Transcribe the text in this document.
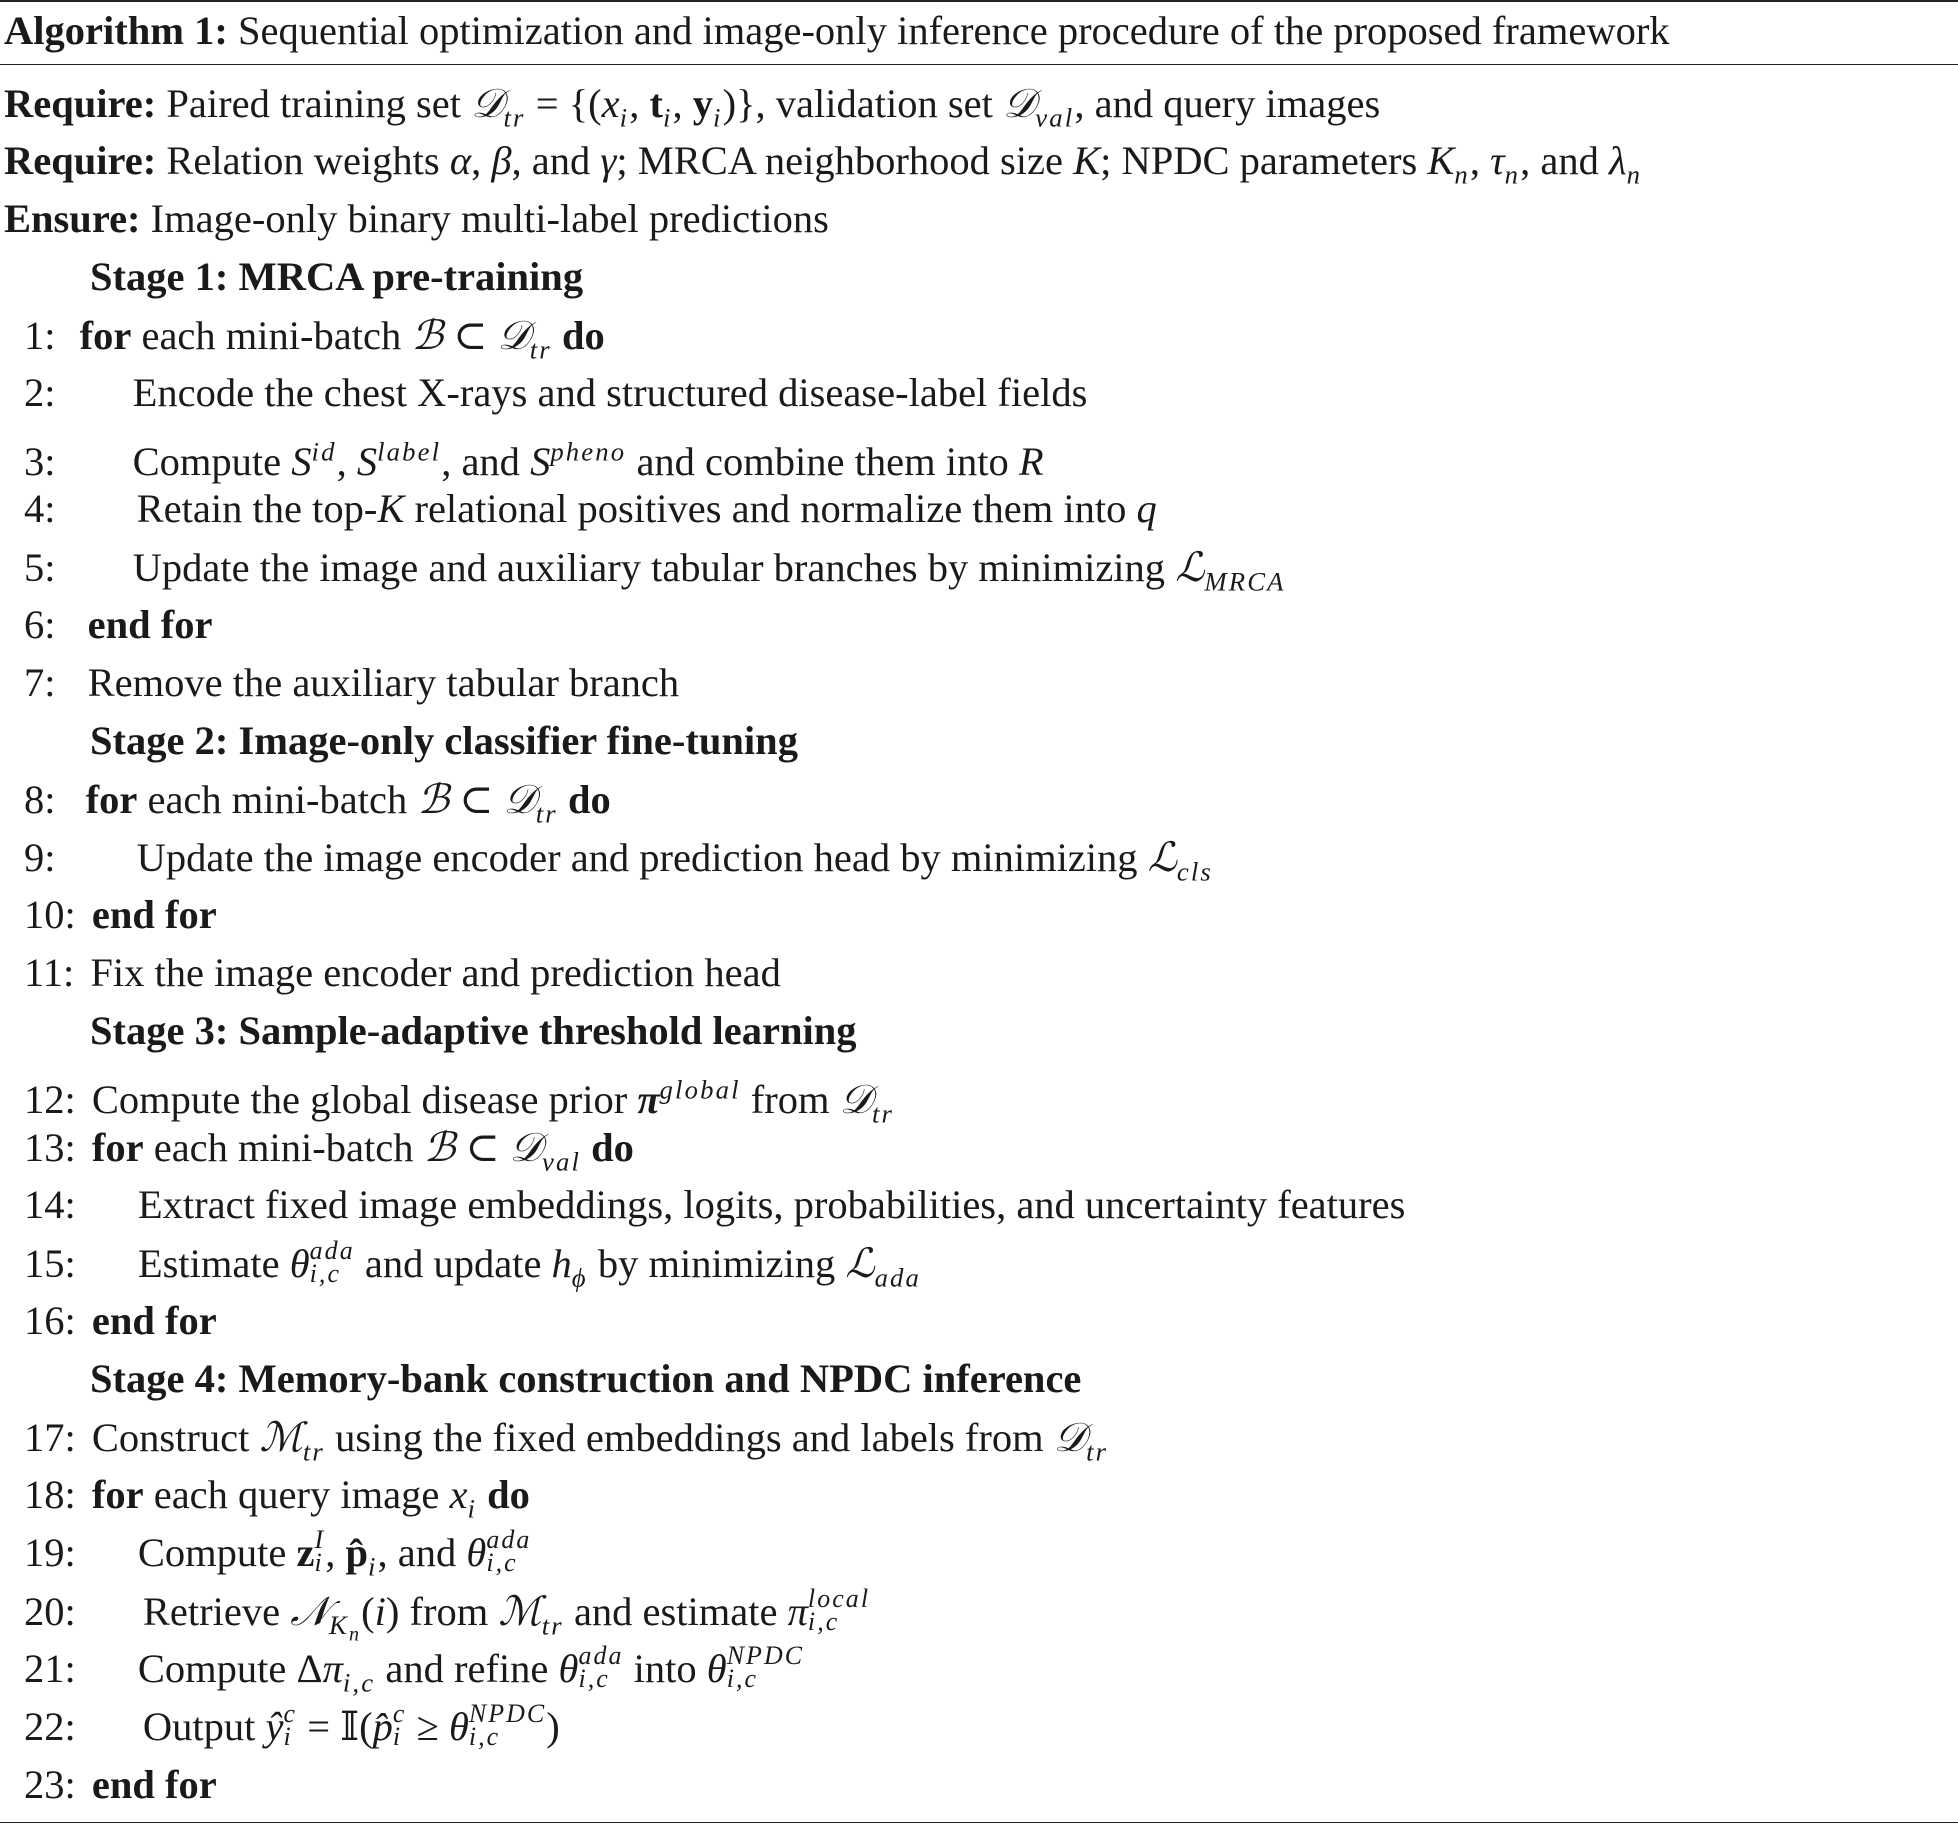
Algorithm 1: Sequential optimization and image-only inference procedure of the proposed framework
Require: Paired training set 𝒟$_{tr}$ = {($x_i$, $t_i$, $y_i$)}, validation set 𝒟$_{val}$, and query images
Require: Relation weights α, β, and γ; MRCA neighborhood size K; NPDC parameters $K_n$, $\tau_n$, and $\lambda_n$
Ensure: Image-only binary multi-label predictions
Stage 1: MRCA pre-training
1: for each mini-batch ℬ ⊂ 𝒟$_{tr}$ do
2: Encode the chest X-rays and structured disease-label fields
3: Compute $S^{id}$, $S^{label}$, and $S^{pheno}$ and combine them into R
4: Retain the top-K relational positives and normalize them into q
5: Update the image and auxiliary tabular branches by minimizing ℒ$_{MRCA}$
6: end for
7: Remove the auxiliary tabular branch
Stage 2: Image-only classifier fine-tuning
8: for each mini-batch ℬ ⊂ 𝒟$_{tr}$ do
9: Update the image encoder and prediction head by minimizing ℒ$_{cls}$
10: end for
11: Fix the image encoder and prediction head
Stage 3: Sample-adaptive threshold learning
12: Compute the global disease prior $\pi^{global}$ from 𝒟$_{tr}$
13: for each mini-batch ℬ ⊂ 𝒟$_{val}$ do
14: Extract fixed image embeddings, logits, probabilities, and uncertainty features
15: Estimate θ ada
i,c and update $h_\phi$ by minimizing ℒ$_{ada}$
16: end for
Stage 4: Memory-bank construction and NPDC inference
17: Construct ℳ$_{tr}$ using the fixed embeddings and labels from 𝒟$_{tr}$
18: for each query image $x_i$ do
19: Compute z I
i , $p̂_i$, and θ ada
i,c
20: Retrieve 𝒩$_{K_n}$(i) from ℳ$_{tr}$ and estimate π local
i,c
21: Compute $\Delta\pi_{i,c}$ and refine θ ada
i,c into θ NPDC
i,c
22: Output ŷ c
i = 𝕀(p̂ c
i ≥ θ NPDC
i,c	)
23: end for
